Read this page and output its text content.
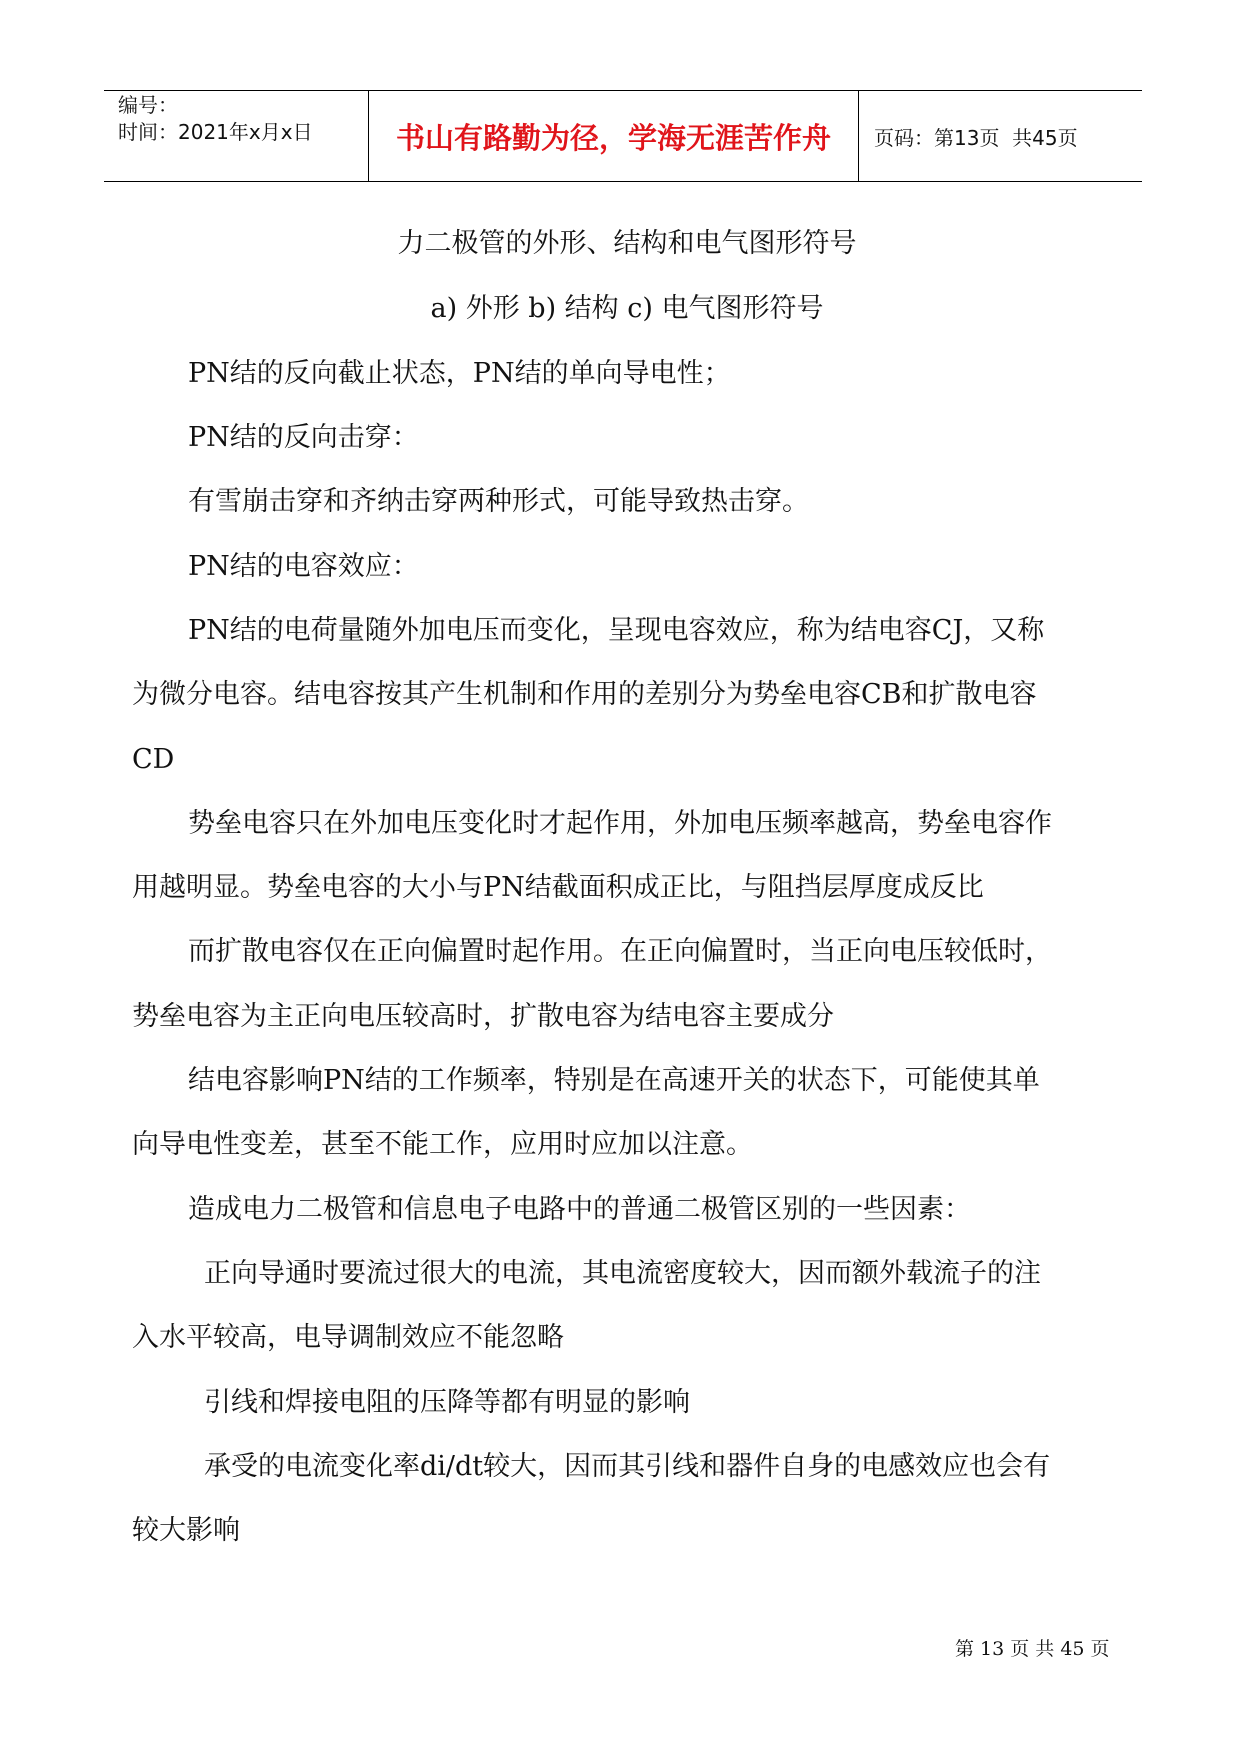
编号：
时间：2021年x月x日	书山有路勤为径，学海无涯苦作舟	页码：第13页  共45页
力二极管的外形、结构和电气图形符号
a) 外形 b) 结构 c) 电气图形符号
PN结的反向截止状态，PN结的单向导电性；
PN结的反向击穿：
有雪崩击穿和齐纳击穿两种形式，可能导致热击穿。
PN结的电容效应：
PN结的电荷量随外加电压而变化，呈现电容效应，称为结电容CJ，又称
为微分电容。结电容按其产生机制和作用的差别分为势垒电容CB和扩散电容
CD
势垒电容只在外加电压变化时才起作用，外加电压频率越高，势垒电容作
用越明显。势垒电容的大小与PN结截面积成正比，与阻挡层厚度成反比
而扩散电容仅在正向偏置时起作用。在正向偏置时，当正向电压较低时，
势垒电容为主正向电压较高时，扩散电容为结电容主要成分
结电容影响PN结的工作频率，特别是在高速开关的状态下，可能使其单
向导电性变差，甚至不能工作，应用时应加以注意。
造成电力二极管和信息电子电路中的普通二极管区别的一些因素：
正向导通时要流过很大的电流，其电流密度较大，因而额外载流子的注
入水平较高，电导调制效应不能忽略
引线和焊接电阻的压降等都有明显的影响
承受的电流变化率di/dt较大，因而其引线和器件自身的电感效应也会有
较大影响
第 13 页 共 45 页
